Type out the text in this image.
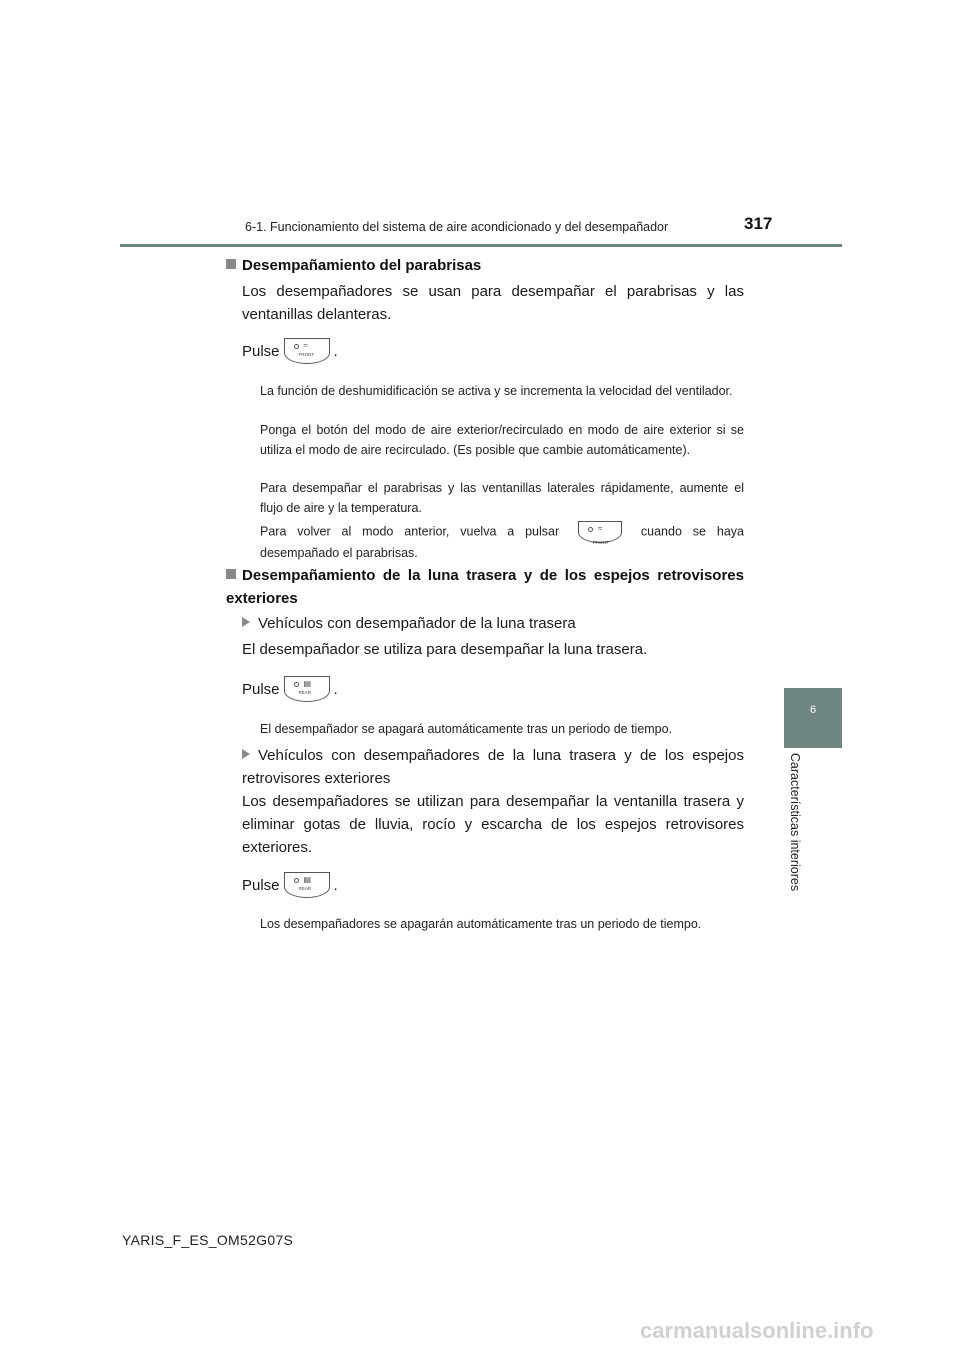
6-1. Funcionamiento del sistema de aire acondicionado y del desempañador	317
6
Características interiores
Desempañamiento del parabrisas
Los desempañadores se usan para desempañar el parabrisas y las ventanillas delanteras.
Pulse	≈
FRONT .
La función de deshumidificación se activa y se incrementa la velocidad del ventilador.
Ponga el botón del modo de aire exterior/recirculado en modo de aire exterior si se utiliza el modo de aire recirculado. (Es posible que cambie automáticamente).
Para desempañar el parabrisas y las ventanillas laterales rápidamente, aumente el flujo de aire y la temperatura.
Para volver al modo anterior, vuelva a pulsar	≈
FRONT
cuando se haya desempañado el parabrisas.
Desempañamiento de la luna trasera y de los espejos retrovisores exteriores
Vehículos con desempañador de la luna trasera
El desempañador se utiliza para desempañar la luna trasera.
Pulse	▤
REAR .
El desempañador se apagará automáticamente tras un periodo de tiempo.
Vehículos con desempañadores de la luna trasera y de los espejos retrovisores exteriores
Los desempañadores se utilizan para desempañar la ventanilla trasera y eliminar gotas de lluvia, rocío y escarcha de los espejos retrovisores exteriores.
Pulse	▤
REAR .
Los desempañadores se apagarán automáticamente tras un periodo de tiempo.
YARIS_F_ES_OM52G07S
carmanualsonline.info
